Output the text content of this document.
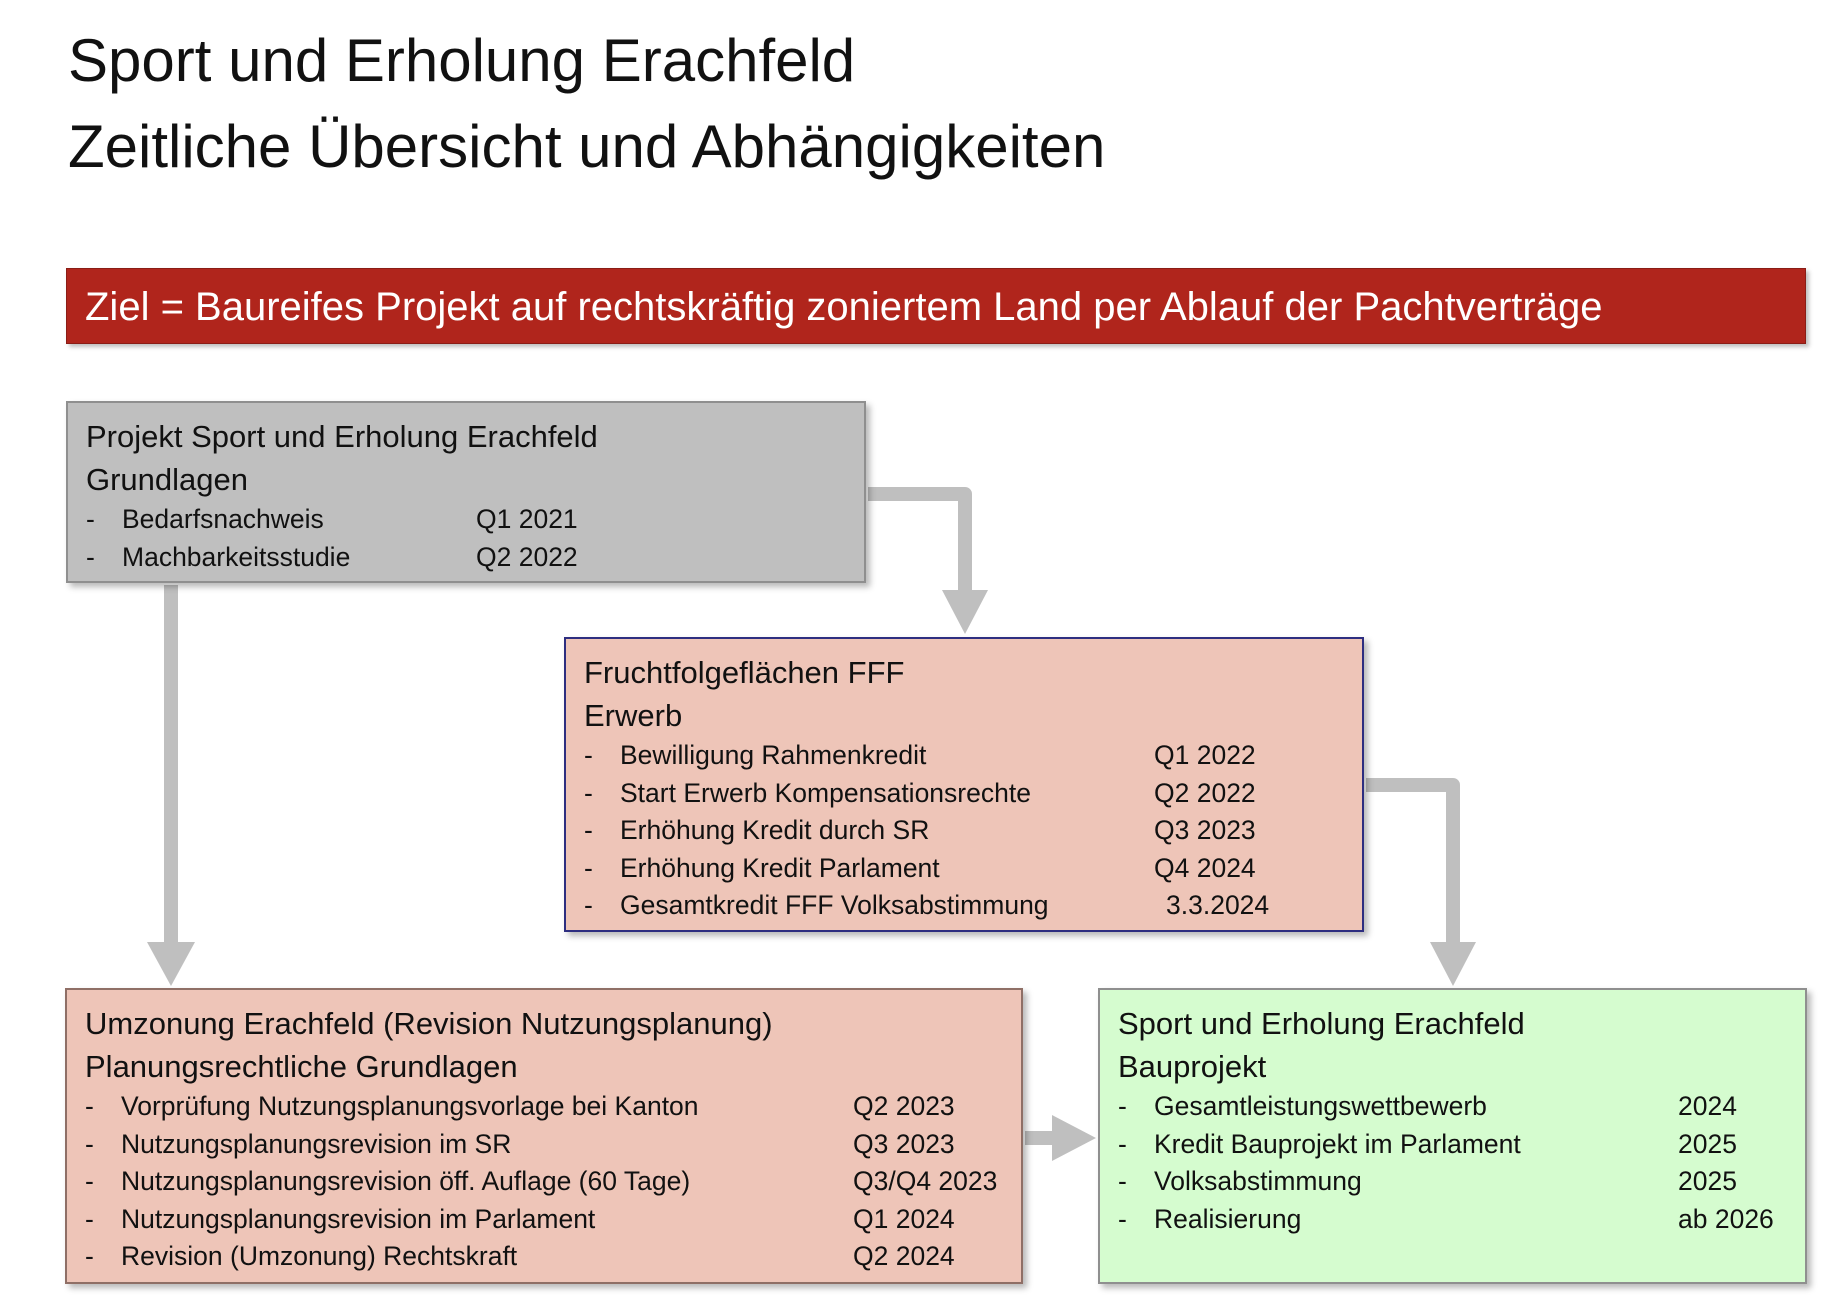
Sport und Erholung Erachfeld
Zeitliche Übersicht und Abhängigkeiten
Ziel = Baureifes Projekt auf rechtskräftig zoniertem Land per Ablauf der Pachtverträge
Projekt Sport und Erholung Erachfeld
Grundlagen
- Bedarfsnachweis	Q1 2021
- Machbarkeitsstudie	Q2 2022
Fruchtfolgeflächen FFF
Erwerb
- Bewilligung Rahmenkredit	Q1 2022
- Start Erwerb Kompensationsrechte	Q2 2022
- Erhöhung Kredit durch SR	Q3 2023
- Erhöhung Kredit Parlament	Q4 2024
- Gesamtkredit FFF Volksabstimmung	3.3.2024
Umzonung Erachfeld (Revision Nutzungsplanung)
Planungsrechtliche Grundlagen
- Vorprüfung Nutzungsplanungsvorlage bei Kanton	Q2 2023
- Nutzungsplanungsrevision im SR	Q3 2023
- Nutzungsplanungsrevision öff. Auflage (60 Tage)	Q3/Q4 2023
- Nutzungsplanungsrevision im Parlament	Q1 2024
- Revision (Umzonung) Rechtskraft	Q2 2024
Sport und Erholung Erachfeld
Bauprojekt
- Gesamtleistungswettbewerb	2024
- Kredit Bauprojekt im Parlament	2025
- Volksabstimmung	2025
- Realisierung	ab 2026
